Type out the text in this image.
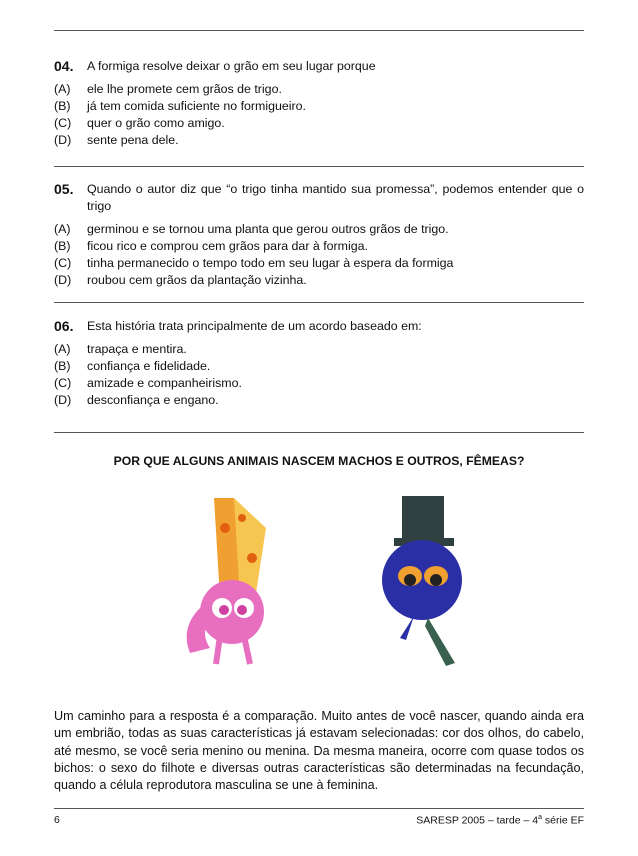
04.	A formiga resolve deixar o grão em seu lugar porque
(A)	ele lhe promete cem grãos de trigo.
(B)	já tem comida suficiente no formigueiro.
(C)	quer o grão como amigo.
(D)	sente pena dele.
05.	Quando o autor diz que “o trigo tinha mantido sua promessa”, podemos entender que o trigo
(A)	germinou e se tornou uma planta que gerou outros grãos de trigo.
(B)	ficou rico e comprou cem grãos para dar à formiga.
(C)	tinha permanecido o tempo todo em seu lugar à espera da formiga
(D)	roubou cem grãos da plantação vizinha.
06.	Esta história trata principalmente de um acordo baseado em:
(A)	trapaça e mentira.
(B)	confiança e fidelidade.
(C)	amizade e companheirismo.
(D)	desconfiança e engano.
POR QUE ALGUNS ANIMAIS NASCEM MACHOS E OUTROS, FÊMEAS?
Um caminho para a resposta é a comparação. Muito antes de você nascer, quando ainda era um embrião, todas as suas características já estavam selecionadas: cor dos olhos, do cabelo, até mesmo, se você seria menino ou menina. Da mesma maneira, ocorre com quase todos os bichos: o sexo do filhote e diversas outras características são determinadas na fecundação, quando a célula reprodutora masculina se une à feminina.
6	SARESP 2005 – tarde – 4$^a$ série EF
